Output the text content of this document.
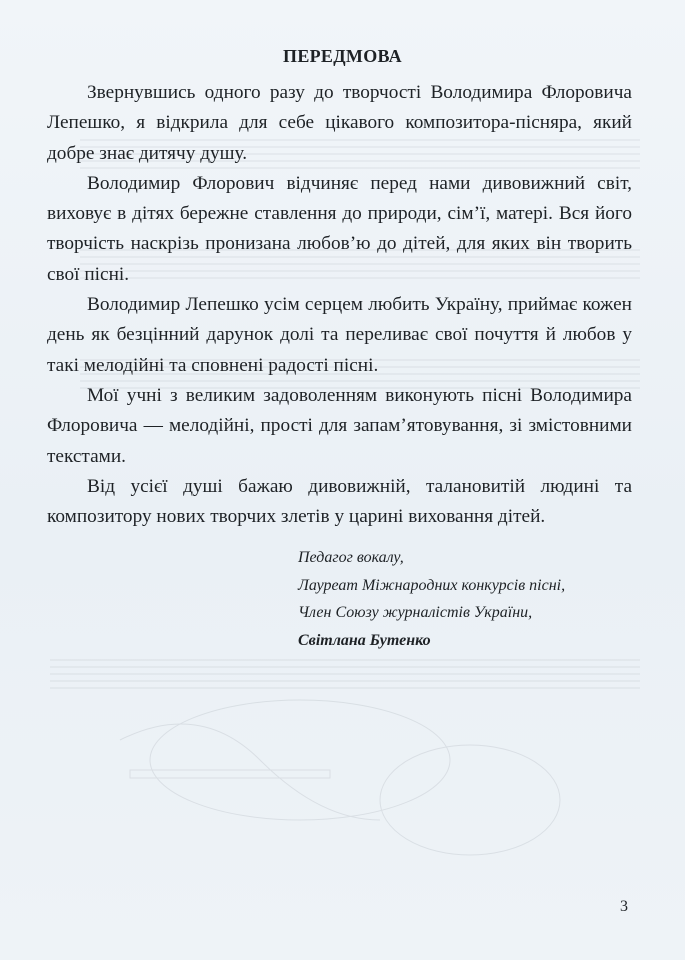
ПЕРЕДМОВА

Звернувшись одного разу до творчості Володимира Флоровича Лепешко, я відкрила для себе цікавого композитора-пісняра, який добре знає дитячу душу.

Володимир Флорович відчиняє перед нами дивовижний світ, виховує в дітях бережне ставлення до природи, сім’ї, матері. Вся його творчість наскрізь пронизана любов’ю до дітей, для яких він творить свої пісні.

Володимир Лепешко усім серцем любить Україну, приймає кожен день як безцінний дарунок долі та переливає свої почуття й любов у такі мелодійні та сповнені радості пісні.

Мої учні з великим задоволенням виконують пісні Володимира Флоровича — мелодійні, прості для запам’ятовування, зі змістовними текстами.

Від усієї душі бажаю дивовижній, талановитій людині та композитору нових творчих злетів у царині виховання дітей.

Педагог вокалу,
Лауреат Міжнародних конкурсів пісні,
Член Союзу журналістів України,
Світлана Бутенко
3
